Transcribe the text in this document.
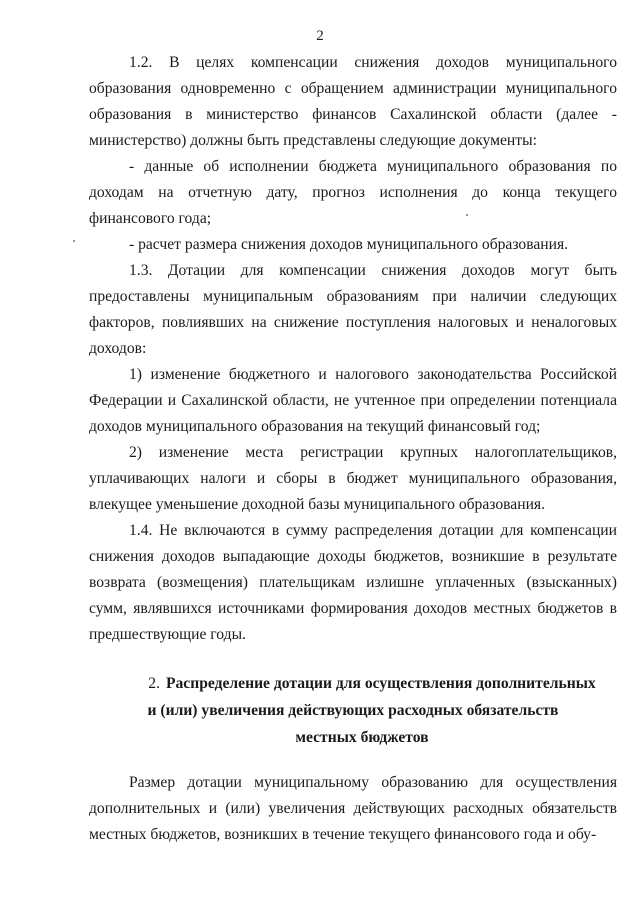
2

1.2. В целях компенсации снижения доходов муниципального образования одновременно с обращением администрации муниципального образования в министерство финансов Сахалинской области (далее - министерство) должны быть представлены следующие документы:

- данные об исполнении бюджета муниципального образования по доходам на отчетную дату, прогноз исполнения до конца текущего финансового года;

- расчет размера снижения доходов муниципального образования.

1.3. Дотации для компенсации снижения доходов могут быть предоставлены муниципальным образованиям при наличии следующих факторов, повлиявших на снижение поступления налоговых и неналоговых доходов:

1) изменение бюджетного и налогового законодательства Российской Федерации и Сахалинской области, не учтенное при определении потенциала доходов муниципального образования на текущий финансовый год;

2) изменение места регистрации крупных налогоплательщиков, уплачивающих налоги и сборы в бюджет муниципального образования, влекущее уменьшение доходной базы муниципального образования.

1.4. Не включаются в сумму распределения дотации для компенсации снижения доходов выпадающие доходы бюджетов, возникшие в результате возврата (возмещения) плательщикам излишне уплаченных (взысканных) сумм, являвшихся источниками формирования доходов местных бюджетов в предшествующие годы.

2. Распределение дотации для осуществления дополнительных
и (или) увеличения действующих расходных обязательств
местных бюджетов

Размер дотации муниципальному образованию для осуществления дополнительных и (или) увеличения действующих расходных обязательств местных бюджетов, возникших в течение текущего финансового года и обу-
